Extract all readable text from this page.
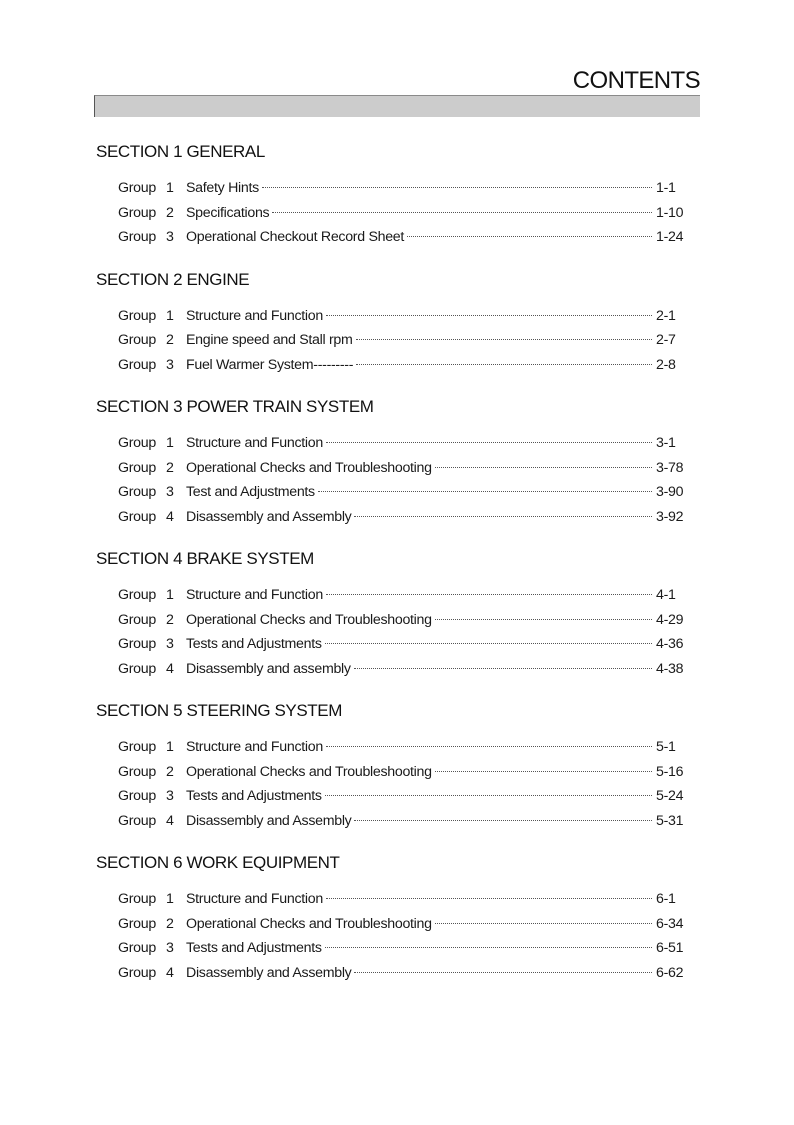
CONTENTS
SECTION 1 GENERAL
Group 1 Safety Hints	1-1
Group 2 Specifications	1-10
Group 3 Operational Checkout Record Sheet	1-24
SECTION 2 ENGINE
Group 1 Structure and Function	2-1
Group 2 Engine speed and Stall rpm	2-7
Group 3 Fuel Warmer System---------	2-8
SECTION 3 POWER TRAIN SYSTEM
Group 1 Structure and Function	3-1
Group 2 Operational Checks and Troubleshooting	3-78
Group 3 Test and Adjustments	3-90
Group 4 Disassembly and Assembly	3-92
SECTION 4 BRAKE SYSTEM
Group 1 Structure and Function	4-1
Group 2 Operational Checks and Troubleshooting	4-29
Group 3 Tests and Adjustments	4-36
Group 4 Disassembly and assembly	4-38
SECTION 5 STEERING SYSTEM
Group 1 Structure and Function	5-1
Group 2 Operational Checks and Troubleshooting	5-16
Group 3 Tests and Adjustments	5-24
Group 4 Disassembly and Assembly	5-31
SECTION 6 WORK EQUIPMENT
Group 1 Structure and Function	6-1
Group 2 Operational Checks and Troubleshooting	6-34
Group 3 Tests and Adjustments	6-51
Group 4 Disassembly and Assembly	6-62
